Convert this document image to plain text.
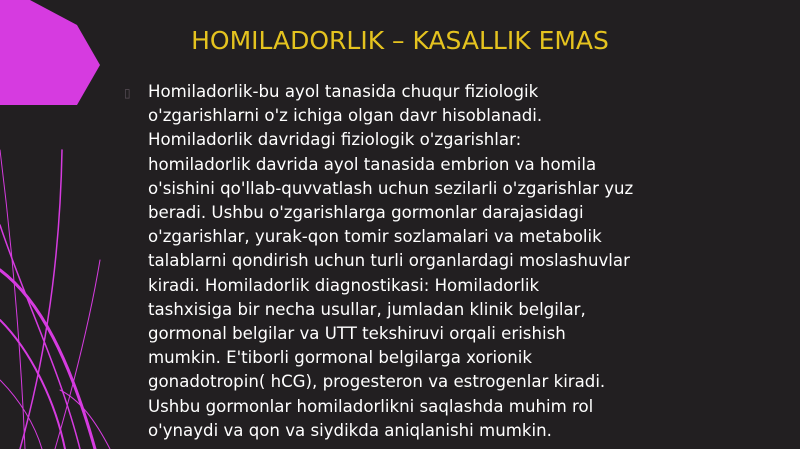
HOMILADORLIK – KASALLIK EMAS
▯ Homiladorlik-bu ayol tanasida chuqur fiziologik
o'zgarishlarni o'z ichiga olgan davr hisoblanadi.
Homiladorlik davridagi fiziologik o'zgarishlar:
homiladorlik davrida ayol tanasida embrion va homila
o'sishini qo'llab-quvvatlash uchun sezilarli o'zgarishlar yuz
beradi. Ushbu o'zgarishlarga gormonlar darajasidagi
o'zgarishlar, yurak-qon tomir sozlamalari va metabolik
talablarni qondirish uchun turli organlardagi moslashuvlar
kiradi. Homiladorlik diagnostikasi: Homiladorlik
tashxisiga bir necha usullar, jumladan klinik belgilar,
gormonal belgilar va UTT tekshiruvi orqali erishish
mumkin. E'tiborli gormonal belgilarga xorionik
gonadotropin( hCG), progesteron va estrogenlar kiradi.
Ushbu gormonlar homiladorlikni saqlashda muhim rol
o'ynaydi va qon va siydikda aniqlanishi mumkin.
